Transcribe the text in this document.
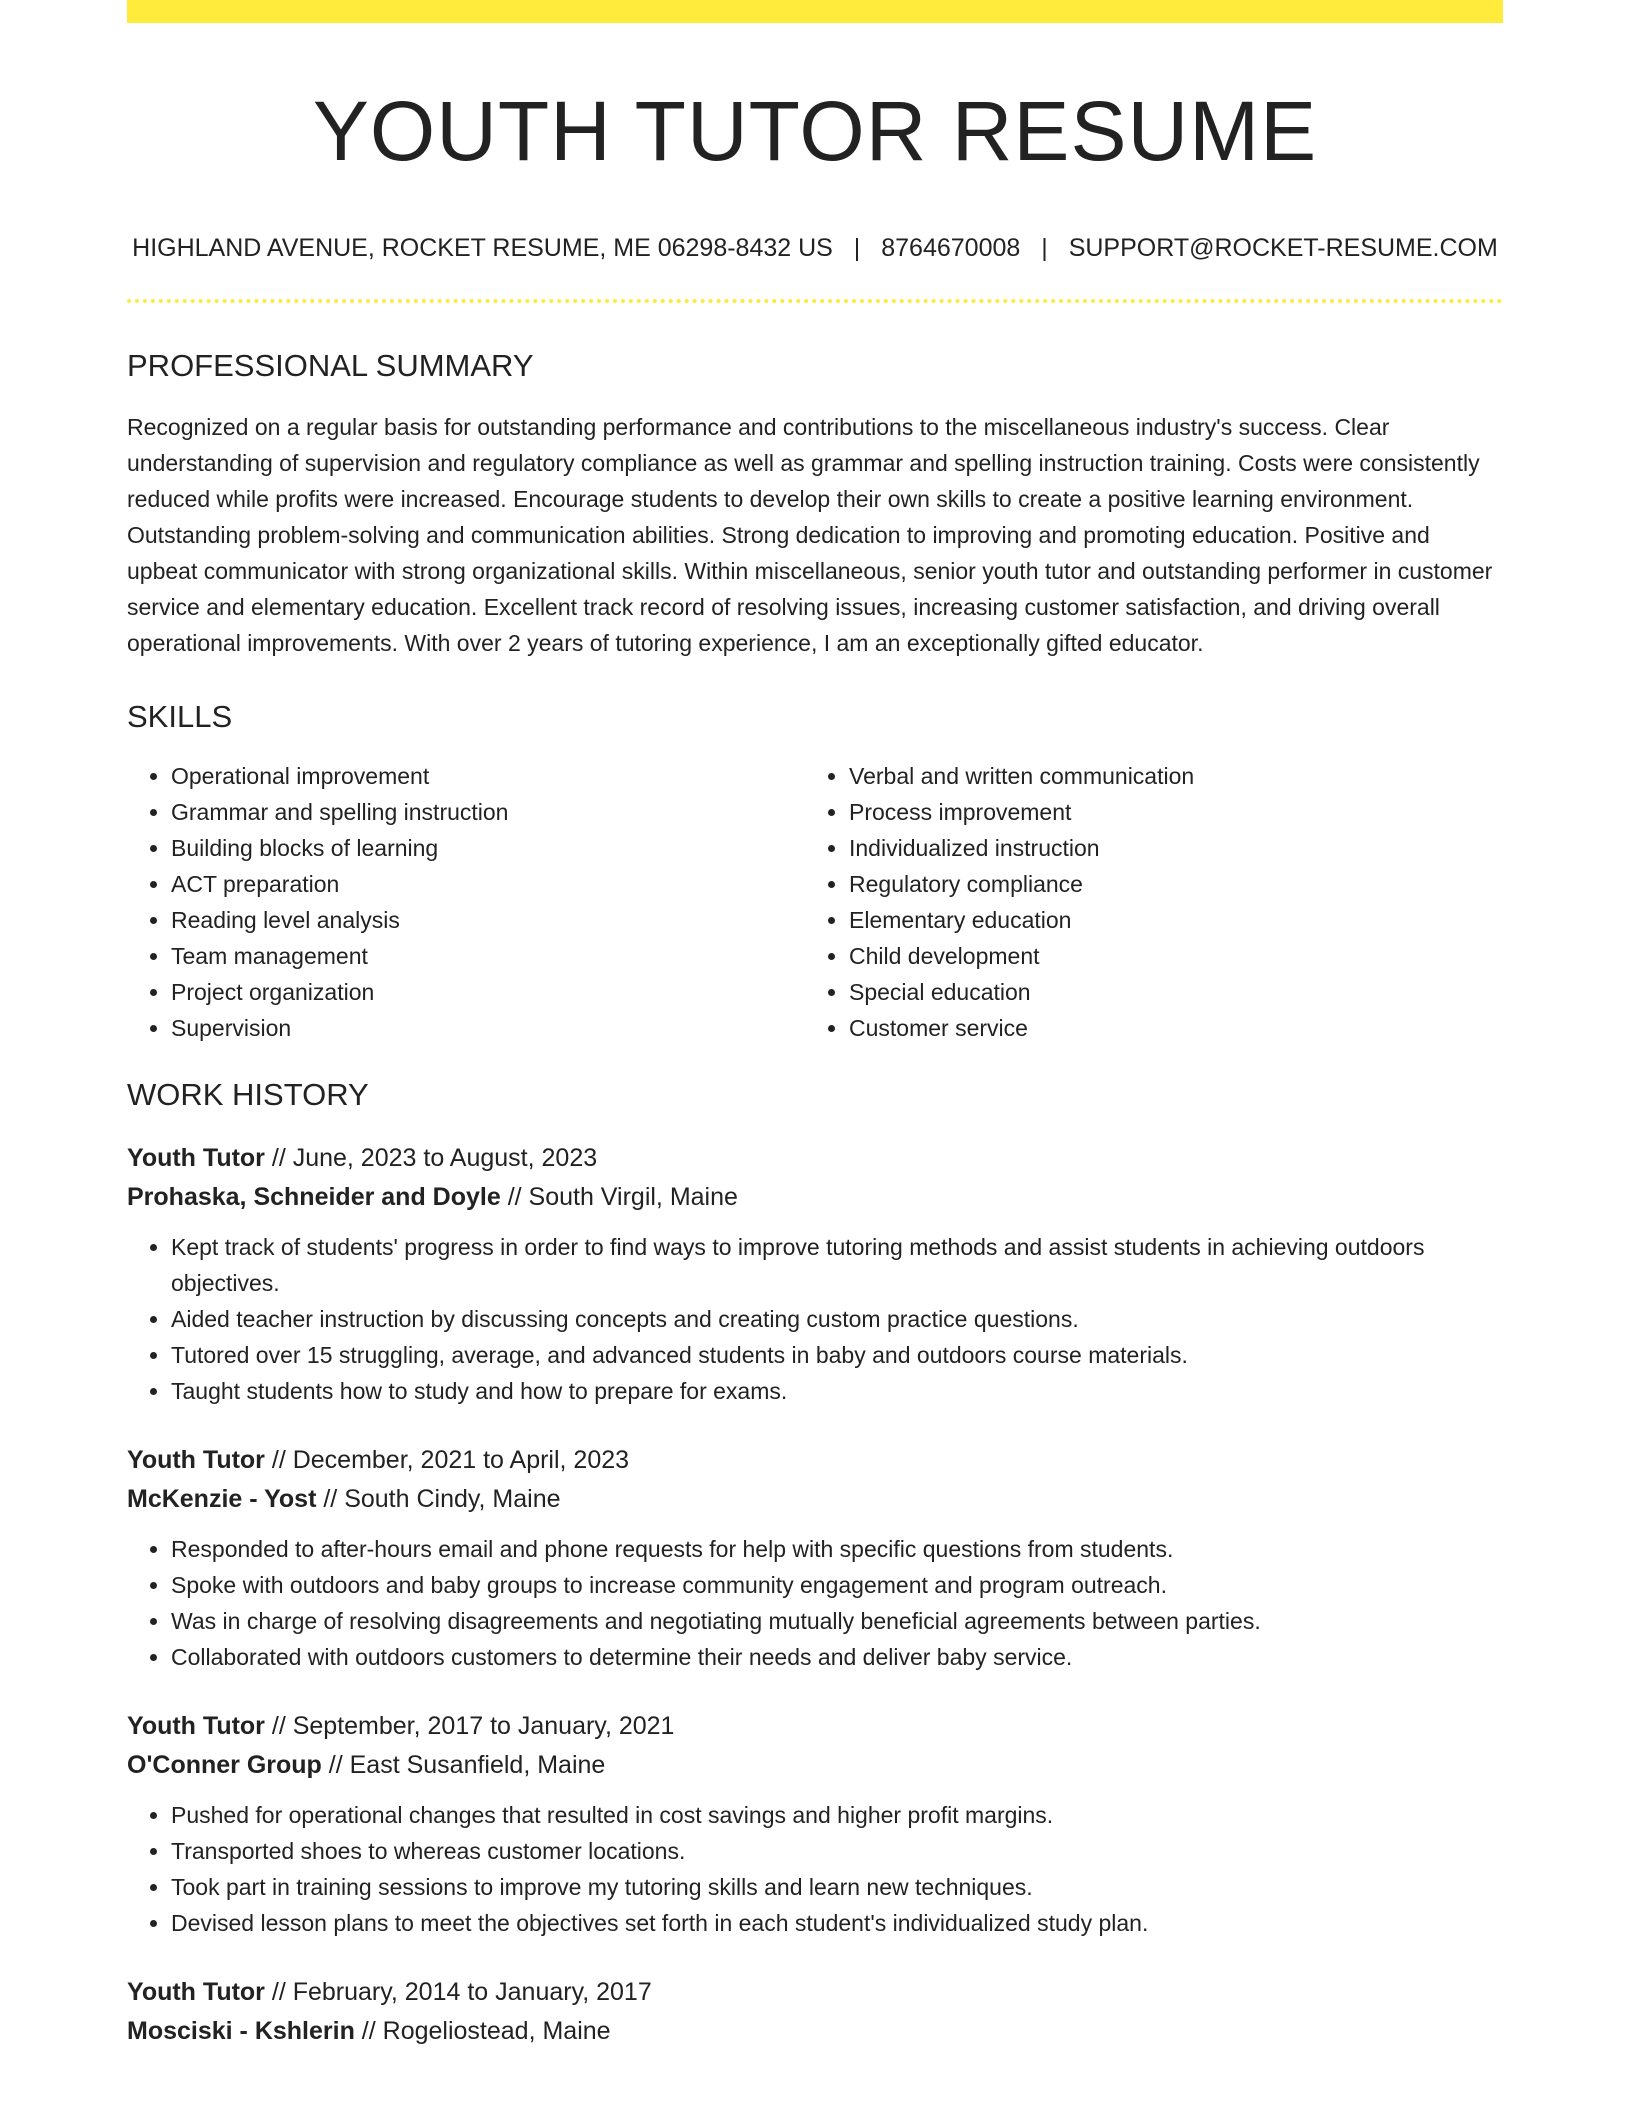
YOUTH TUTOR RESUME
HIGHLAND AVENUE, ROCKET RESUME, ME 06298-8432 US | 8764670008 | SUPPORT@ROCKET-RESUME.COM
PROFESSIONAL SUMMARY

Recognized on a regular basis for outstanding performance and contributions to the miscellaneous industry's success. Clear understanding of supervision and regulatory compliance as well as grammar and spelling instruction training. Costs were consistently reduced while profits were increased. Encourage students to develop their own skills to create a positive learning environment. Outstanding problem-solving and communication abilities. Strong dedication to improving and promoting education. Positive and upbeat communicator with strong organizational skills. Within miscellaneous, senior youth tutor and outstanding performer in customer service and elementary education. Excellent track record of resolving issues, increasing customer satisfaction, and driving overall operational improvements. With over 2 years of tutoring experience, I am an exceptionally gifted educator.

SKILLS
• Operational improvement
• Grammar and spelling instruction
• Building blocks of learning
• ACT preparation
• Reading level analysis
• Team management
• Project organization
• Supervision
• Verbal and written communication
• Process improvement
• Individualized instruction
• Regulatory compliance
• Elementary education
• Child development
• Special education
• Customer service
WORK HISTORY
Youth Tutor // June, 2023 to August, 2023
Prohaska, Schneider and Doyle // South Virgil, Maine
• Kept track of students' progress in order to find ways to improve tutoring methods and assist students in achieving outdoors objectives.
• Aided teacher instruction by discussing concepts and creating custom practice questions.
• Tutored over 15 struggling, average, and advanced students in baby and outdoors course materials.
• Taught students how to study and how to prepare for exams.
Youth Tutor // December, 2021 to April, 2023
McKenzie - Yost // South Cindy, Maine
• Responded to after-hours email and phone requests for help with specific questions from students.
• Spoke with outdoors and baby groups to increase community engagement and program outreach.
• Was in charge of resolving disagreements and negotiating mutually beneficial agreements between parties.
• Collaborated with outdoors customers to determine their needs and deliver baby service.
Youth Tutor // September, 2017 to January, 2021
O'Conner Group // East Susanfield, Maine
• Pushed for operational changes that resulted in cost savings and higher profit margins.
• Transported shoes to whereas customer locations.
• Took part in training sessions to improve my tutoring skills and learn new techniques.
• Devised lesson plans to meet the objectives set forth in each student's individualized study plan.
Youth Tutor // February, 2014 to January, 2017
Mosciski - Kshlerin // Rogeliostead, Maine
